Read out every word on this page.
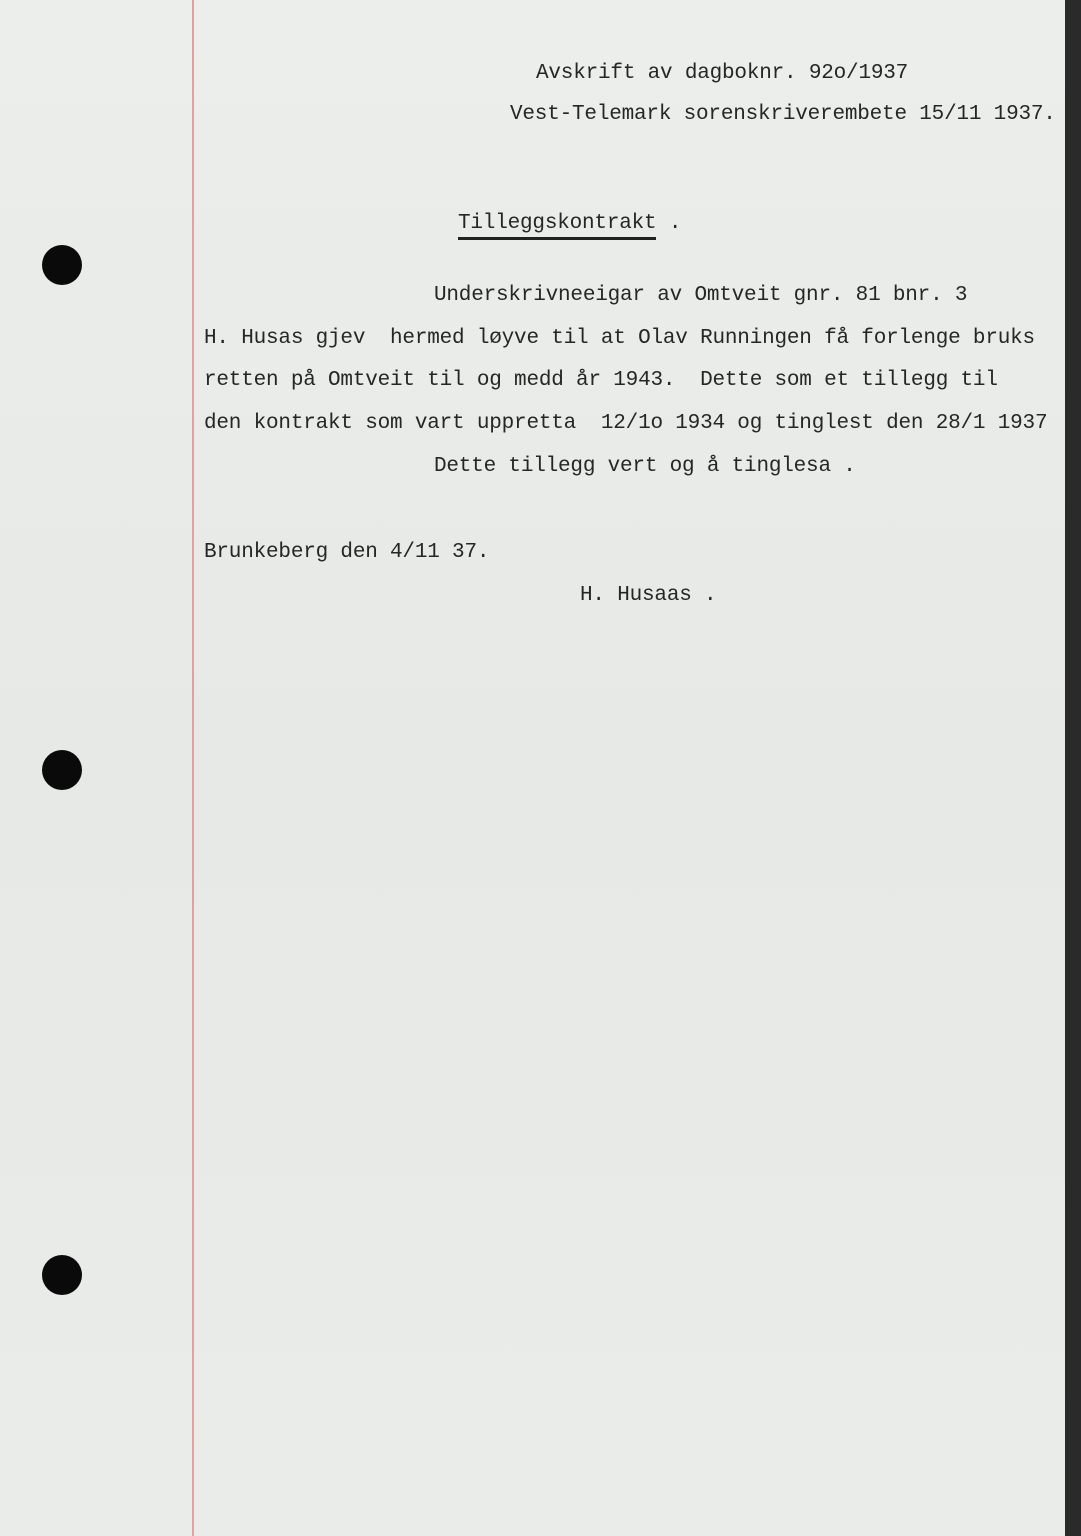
Avskrift av dagboknr. 92o/1937
Vest-Telemark sorenskriverembete 15/11 1937.
Tilleggskontrakt .
Underskrivneeigar av Omtveit gnr. 81 bnr. 3
H. Husas gjev  hermed løyve til at Olav Runningen få forlenge bruks
retten på Omtveit til og medd år 1943.  Dette som et tillegg til
den kontrakt som vart uppretta  12/1o 1934 og tinglest den 28/1 1937
Dette tillegg vert og å tinglesa .
Brunkeberg den 4/11 37.
H. Husaas .
